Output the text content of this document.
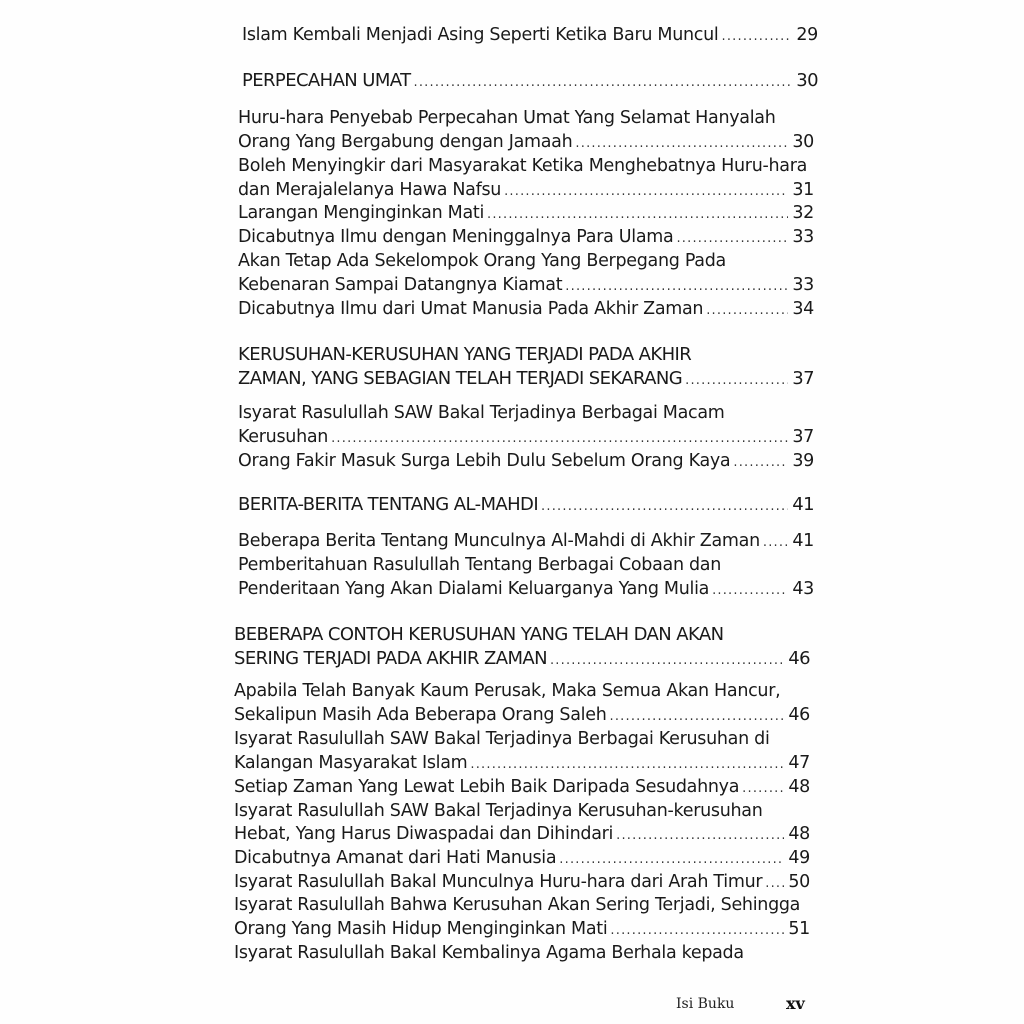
Islam Kembali Menjadi Asing Seperti Ketika Baru Muncul .....	29
PERPECAHAN UMAT .....	30
Huru-hara Penyebab Perpecahan Umat Yang Selamat Hanyalah
Orang Yang Bergabung dengan Jamaah .....	30
Boleh Menyingkir dari Masyarakat Ketika Menghebatnya Huru-hara
dan Merajalelanya Hawa Nafsu .....	31
Larangan Menginginkan Mati .....	32
Dicabutnya Ilmu dengan Meninggalnya Para Ulama .....	33
Akan Tetap Ada Sekelompok Orang Yang Berpegang Pada
Kebenaran Sampai Datangnya Kiamat .....	33
Dicabutnya Ilmu dari Umat Manusia Pada Akhir Zaman .....	34
KERUSUHAN-KERUSUHAN YANG TERJADI PADA AKHIR
ZAMAN, YANG SEBAGIAN TELAH TERJADI SEKARANG .....	37
Isyarat Rasulullah SAW Bakal Terjadinya Berbagai Macam
Kerusuhan .....	37
Orang Fakir Masuk Surga Lebih Dulu Sebelum Orang Kaya .....	39
BERITA-BERITA TENTANG AL-MAHDI .....	41
Beberapa Berita Tentang Munculnya Al-Mahdi di Akhir Zaman ..... 41
Pemberitahuan Rasulullah Tentang Berbagai Cobaan dan
Penderitaan Yang Akan Dialami Keluarganya Yang Mulia .....	43
BEBERAPA CONTOH KERUSUHAN YANG TELAH DAN AKAN
SERING TERJADI PADA AKHIR ZAMAN .....	46
Apabila Telah Banyak Kaum Perusak, Maka Semua Akan Hancur,
Sekalipun Masih Ada Beberapa Orang Saleh .....	46
Isyarat Rasulullah SAW Bakal Terjadinya Berbagai Kerusuhan di
Kalangan Masyarakat Islam .....	47
Setiap Zaman Yang Lewat Lebih Baik Daripada Sesudahnya .....	48
Isyarat Rasulullah SAW Bakal Terjadinya Kerusuhan-kerusuhan
Hebat, Yang Harus Diwaspadai dan Dihindari .....	48
Dicabutnya Amanat dari Hati Manusia .....	49
Isyarat Rasulullah Bakal Munculnya Huru-hara dari Arah Timur ..... 50
Isyarat Rasulullah Bahwa Kerusuhan Akan Sering Terjadi, Sehingga
Orang Yang Masih Hidup Menginginkan Mati .....	51
Isyarat Rasulullah Bakal Kembalinya Agama Berhala kepada
Isi Buku	xv
